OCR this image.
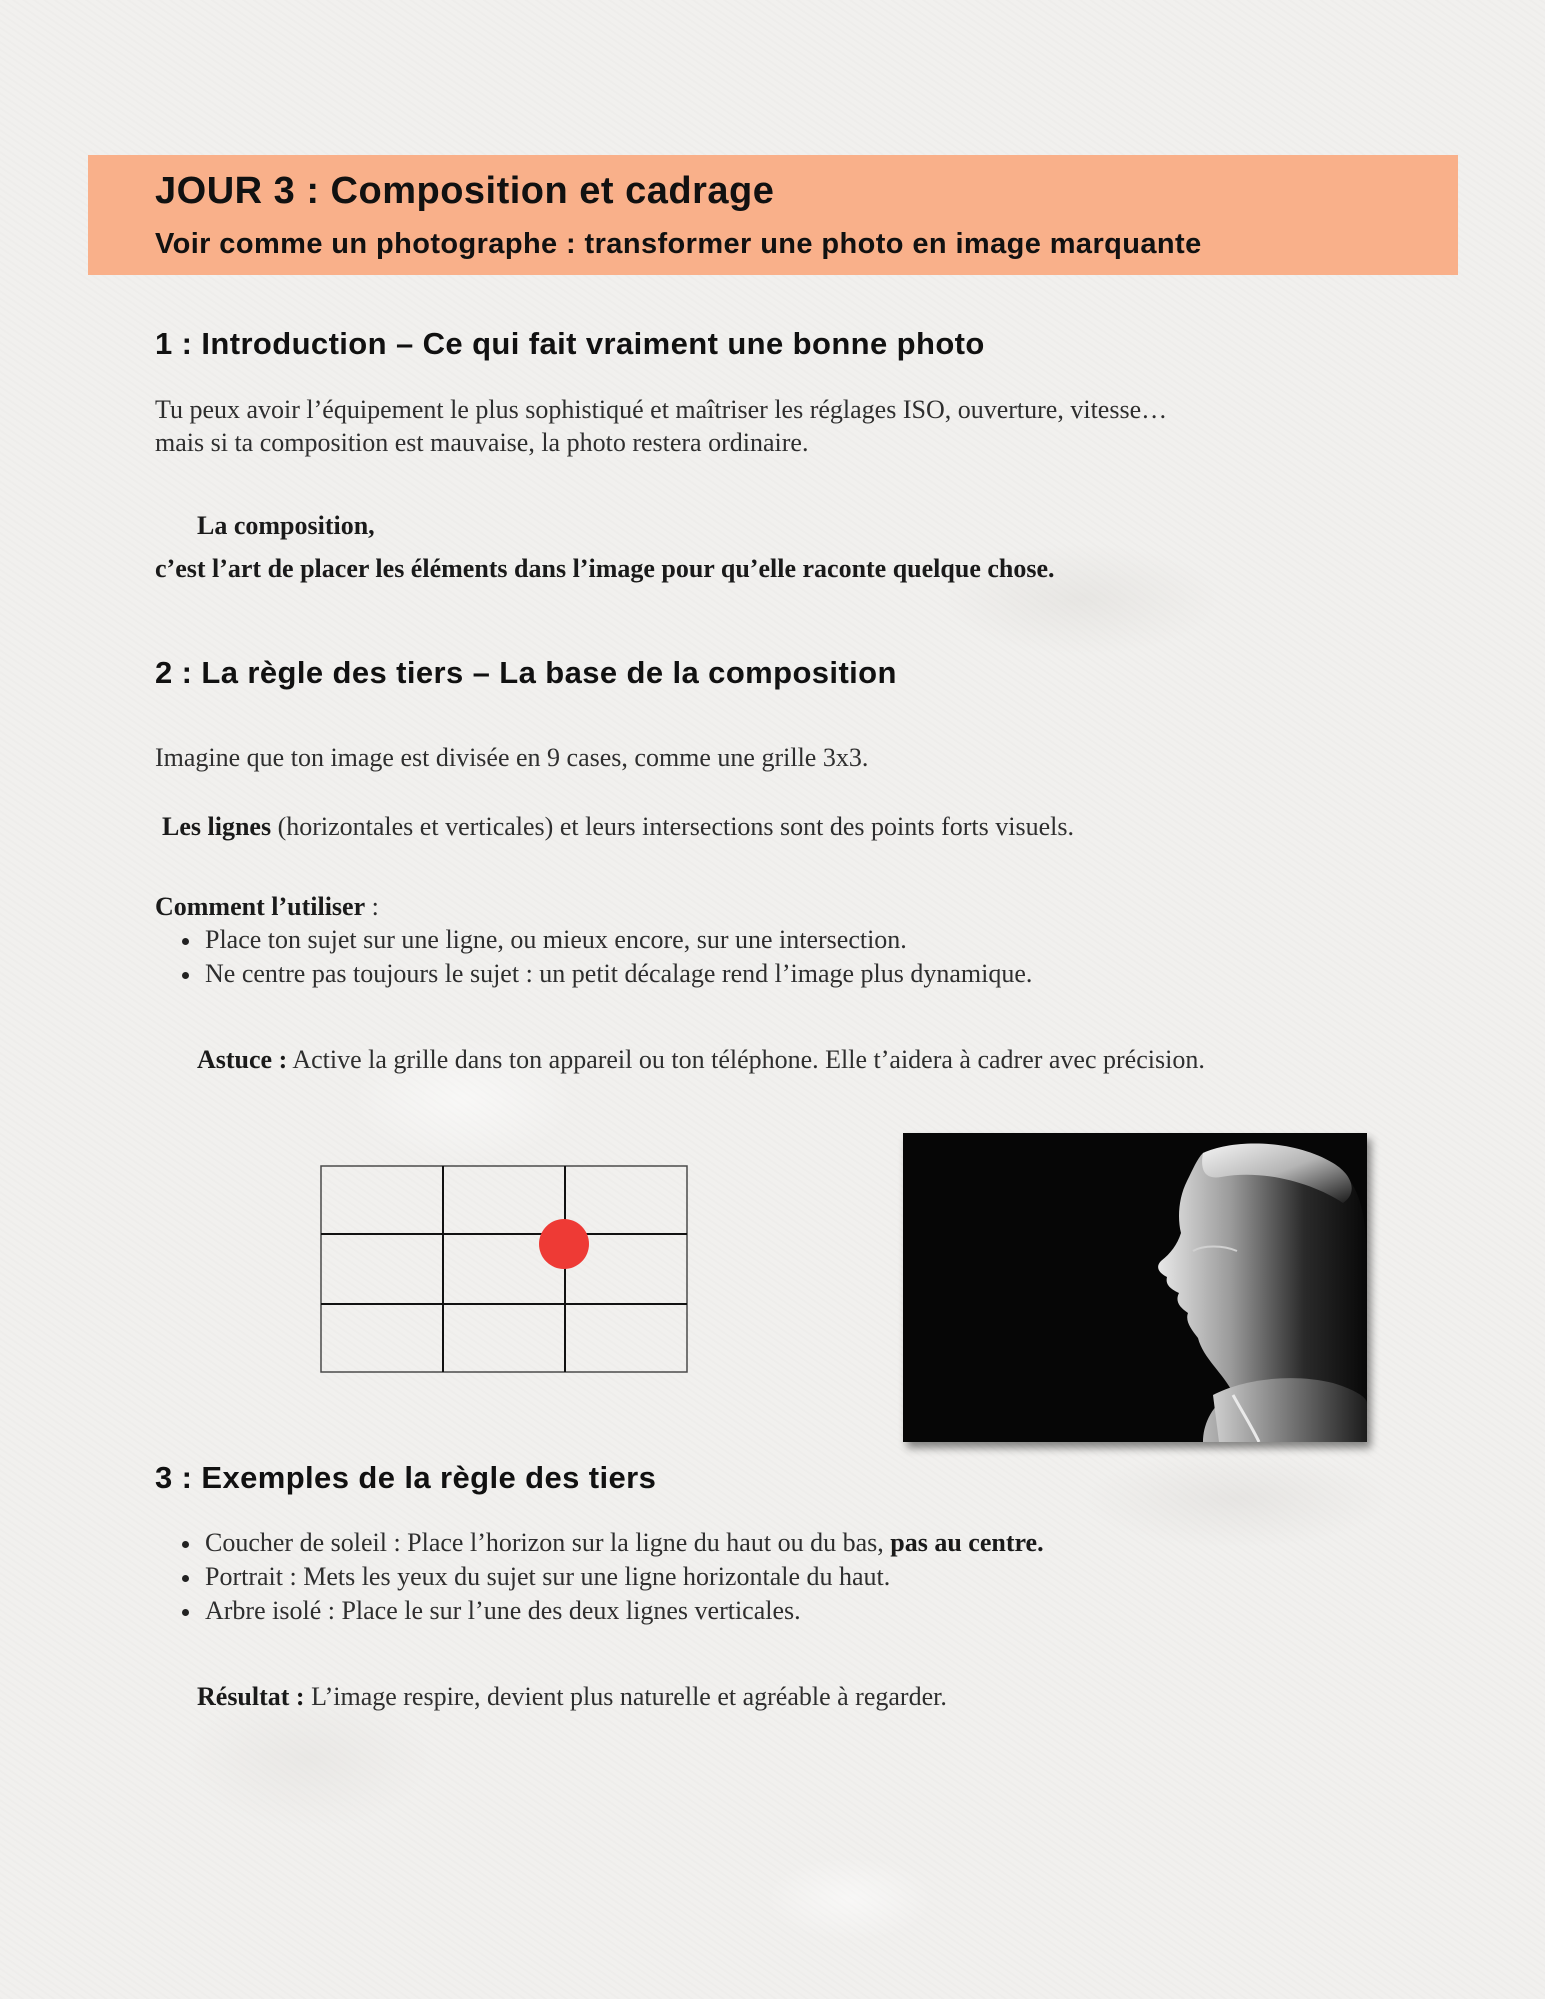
JOUR 3 : Composition et cadrage
Voir comme un photographe : transformer une photo en image marquante
1 : Introduction – Ce qui fait vraiment une bonne photo
Tu peux avoir l’équipement le plus sophistiqué et maîtriser les réglages ISO, ouverture, vitesse…
mais si ta composition est mauvaise, la photo restera ordinaire.
La composition,
c’est l’art de placer les éléments dans l’image pour qu’elle raconte quelque chose.
2 : La règle des tiers – La base de la composition
Imagine que ton image est divisée en 9 cases, comme une grille 3x3.
Les lignes (horizontales et verticales) et leurs intersections sont des points forts visuels.
Comment l’utiliser :
Place ton sujet sur une ligne, ou mieux encore, sur une intersection.
Ne centre pas toujours le sujet : un petit décalage rend l’image plus dynamique.
Astuce : Active la grille dans ton appareil ou ton téléphone. Elle t’aidera à cadrer avec précision.
3 : Exemples de la règle des tiers
Coucher de soleil : Place l’horizon sur la ligne du haut ou du bas, pas au centre.
Portrait : Mets les yeux du sujet sur une ligne horizontale du haut.
Arbre isolé : Place le sur l’une des deux lignes verticales.
Résultat : L’image respire, devient plus naturelle et agréable à regarder.
